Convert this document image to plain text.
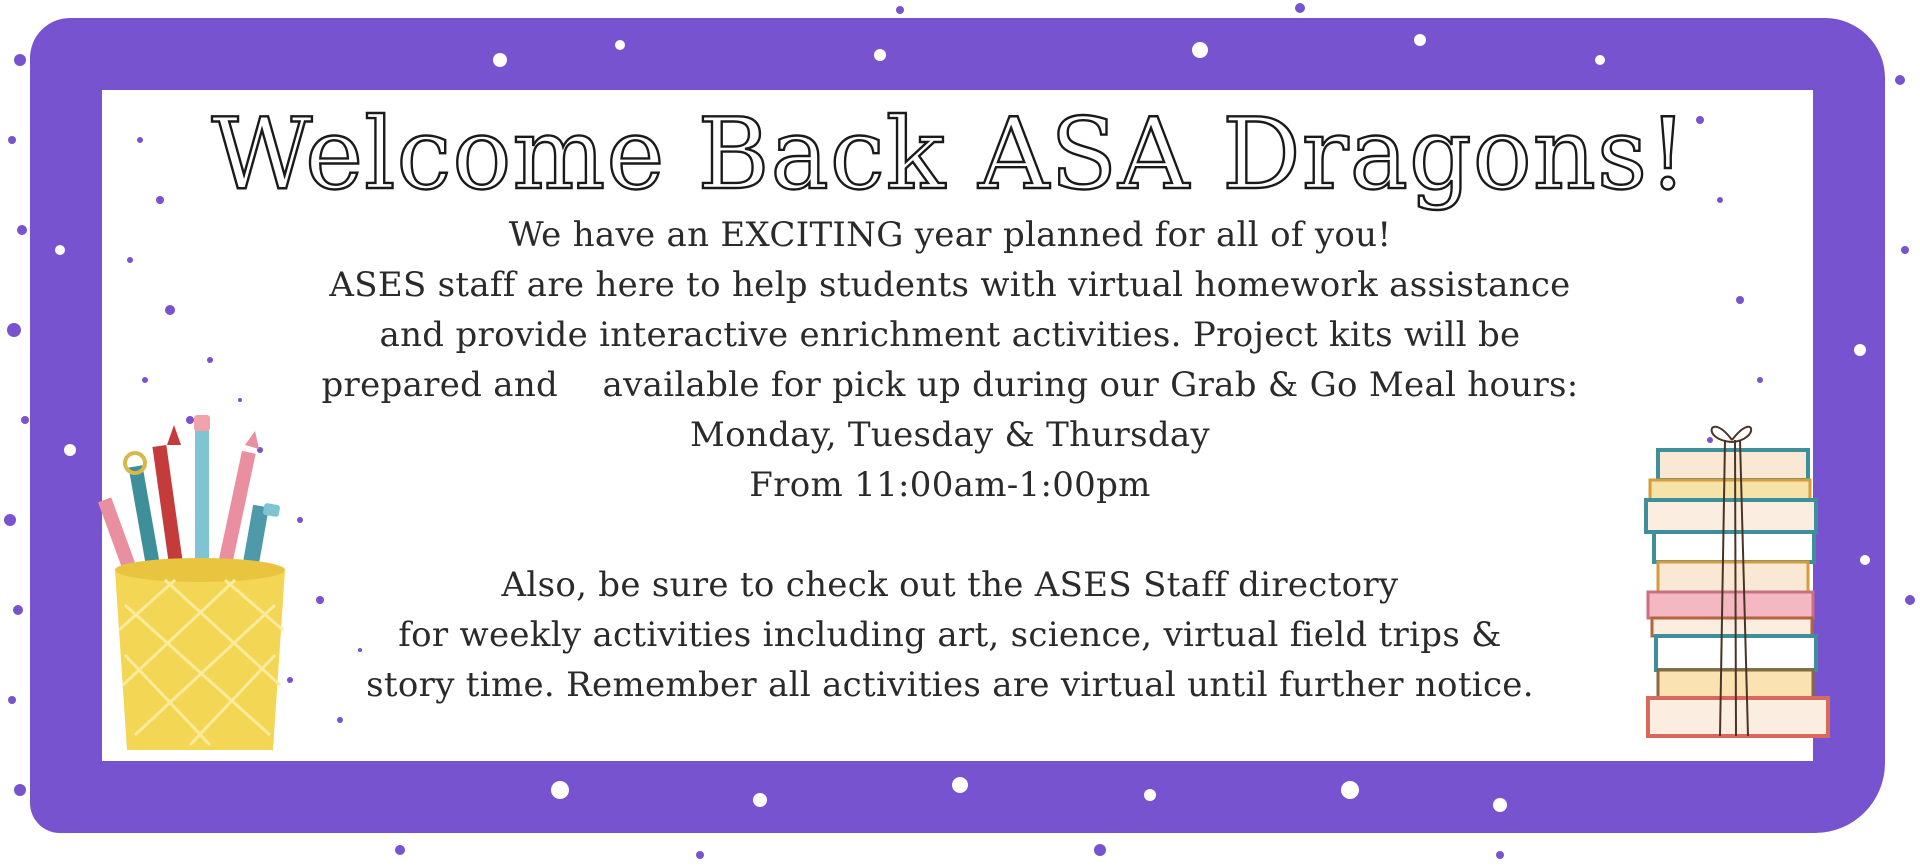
Welcome Back ASA Dragons!

We have an EXCITING year planned for all of you!
ASES staff are here to help students with virtual homework assistance
and provide interactive enrichment activities. Project kits will be
prepared and    available for pick up during our Grab & Go Meal hours:
Monday, Tuesday & Thursday
From 11:00am-1:00pm

Also, be sure to check out the ASES Staff directory
for weekly activities including art, science, virtual field trips &
story time. Remember all activities are virtual until further notice.
